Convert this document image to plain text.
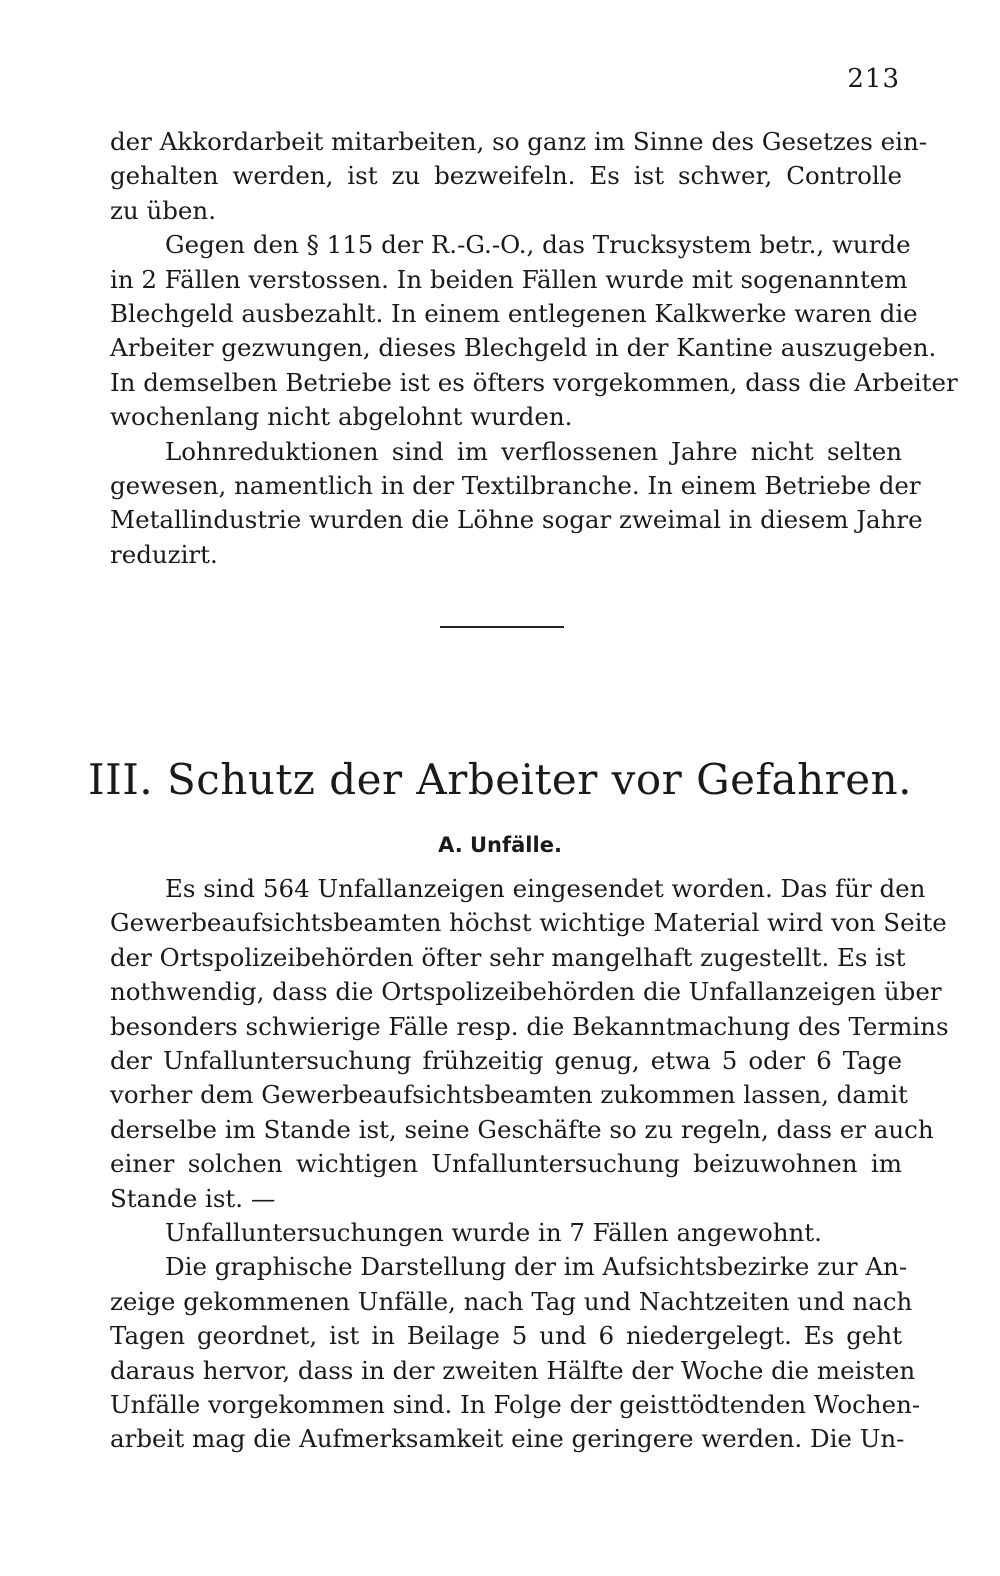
213
der Akkordarbeit mitarbeiten, so ganz im Sinne des Gesetzes ein-
gehalten werden, ist zu bezweifeln. Es ist schwer, Controlle
zu üben.
Gegen den § 115 der R.-G.-O., das Trucksystem betr., wurde
in 2 Fällen verstossen. In beiden Fällen wurde mit sogenanntem
Blechgeld ausbezahlt. In einem entlegenen Kalkwerke waren die
Arbeiter gezwungen, dieses Blechgeld in der Kantine auszugeben.
In demselben Betriebe ist es öfters vorgekommen, dass die Arbeiter
wochenlang nicht abgelohnt wurden.
Lohnreduktionen sind im verflossenen Jahre nicht selten
gewesen, namentlich in der Textilbranche. In einem Betriebe der
Metallindustrie wurden die Löhne sogar zweimal in diesem Jahre
reduzirt.
III. Schutz der Arbeiter vor Gefahren.
A. Unfälle.
Es sind 564 Unfallanzeigen eingesendet worden. Das für den
Gewerbeaufsichtsbeamten höchst wichtige Material wird von Seite
der Ortspolizeibehörden öfter sehr mangelhaft zugestellt. Es ist
nothwendig, dass die Ortspolizeibehörden die Unfallanzeigen über
besonders schwierige Fälle resp. die Bekanntmachung des Termins
der Unfalluntersuchung frühzeitig genug, etwa 5 oder 6 Tage
vorher dem Gewerbeaufsichtsbeamten zukommen lassen, damit
derselbe im Stande ist, seine Geschäfte so zu regeln, dass er auch
einer solchen wichtigen Unfalluntersuchung beizuwohnen im
Stande ist. —
Unfalluntersuchungen wurde in 7 Fällen angewohnt.
Die graphische Darstellung der im Aufsichtsbezirke zur An-
zeige gekommenen Unfälle, nach Tag und Nachtzeiten und nach
Tagen geordnet, ist in Beilage 5 und 6 niedergelegt. Es geht
daraus hervor, dass in der zweiten Hälfte der Woche die meisten
Unfälle vorgekommen sind. In Folge der geisttödtenden Wochen-
arbeit mag die Aufmerksamkeit eine geringere werden. Die Un-
